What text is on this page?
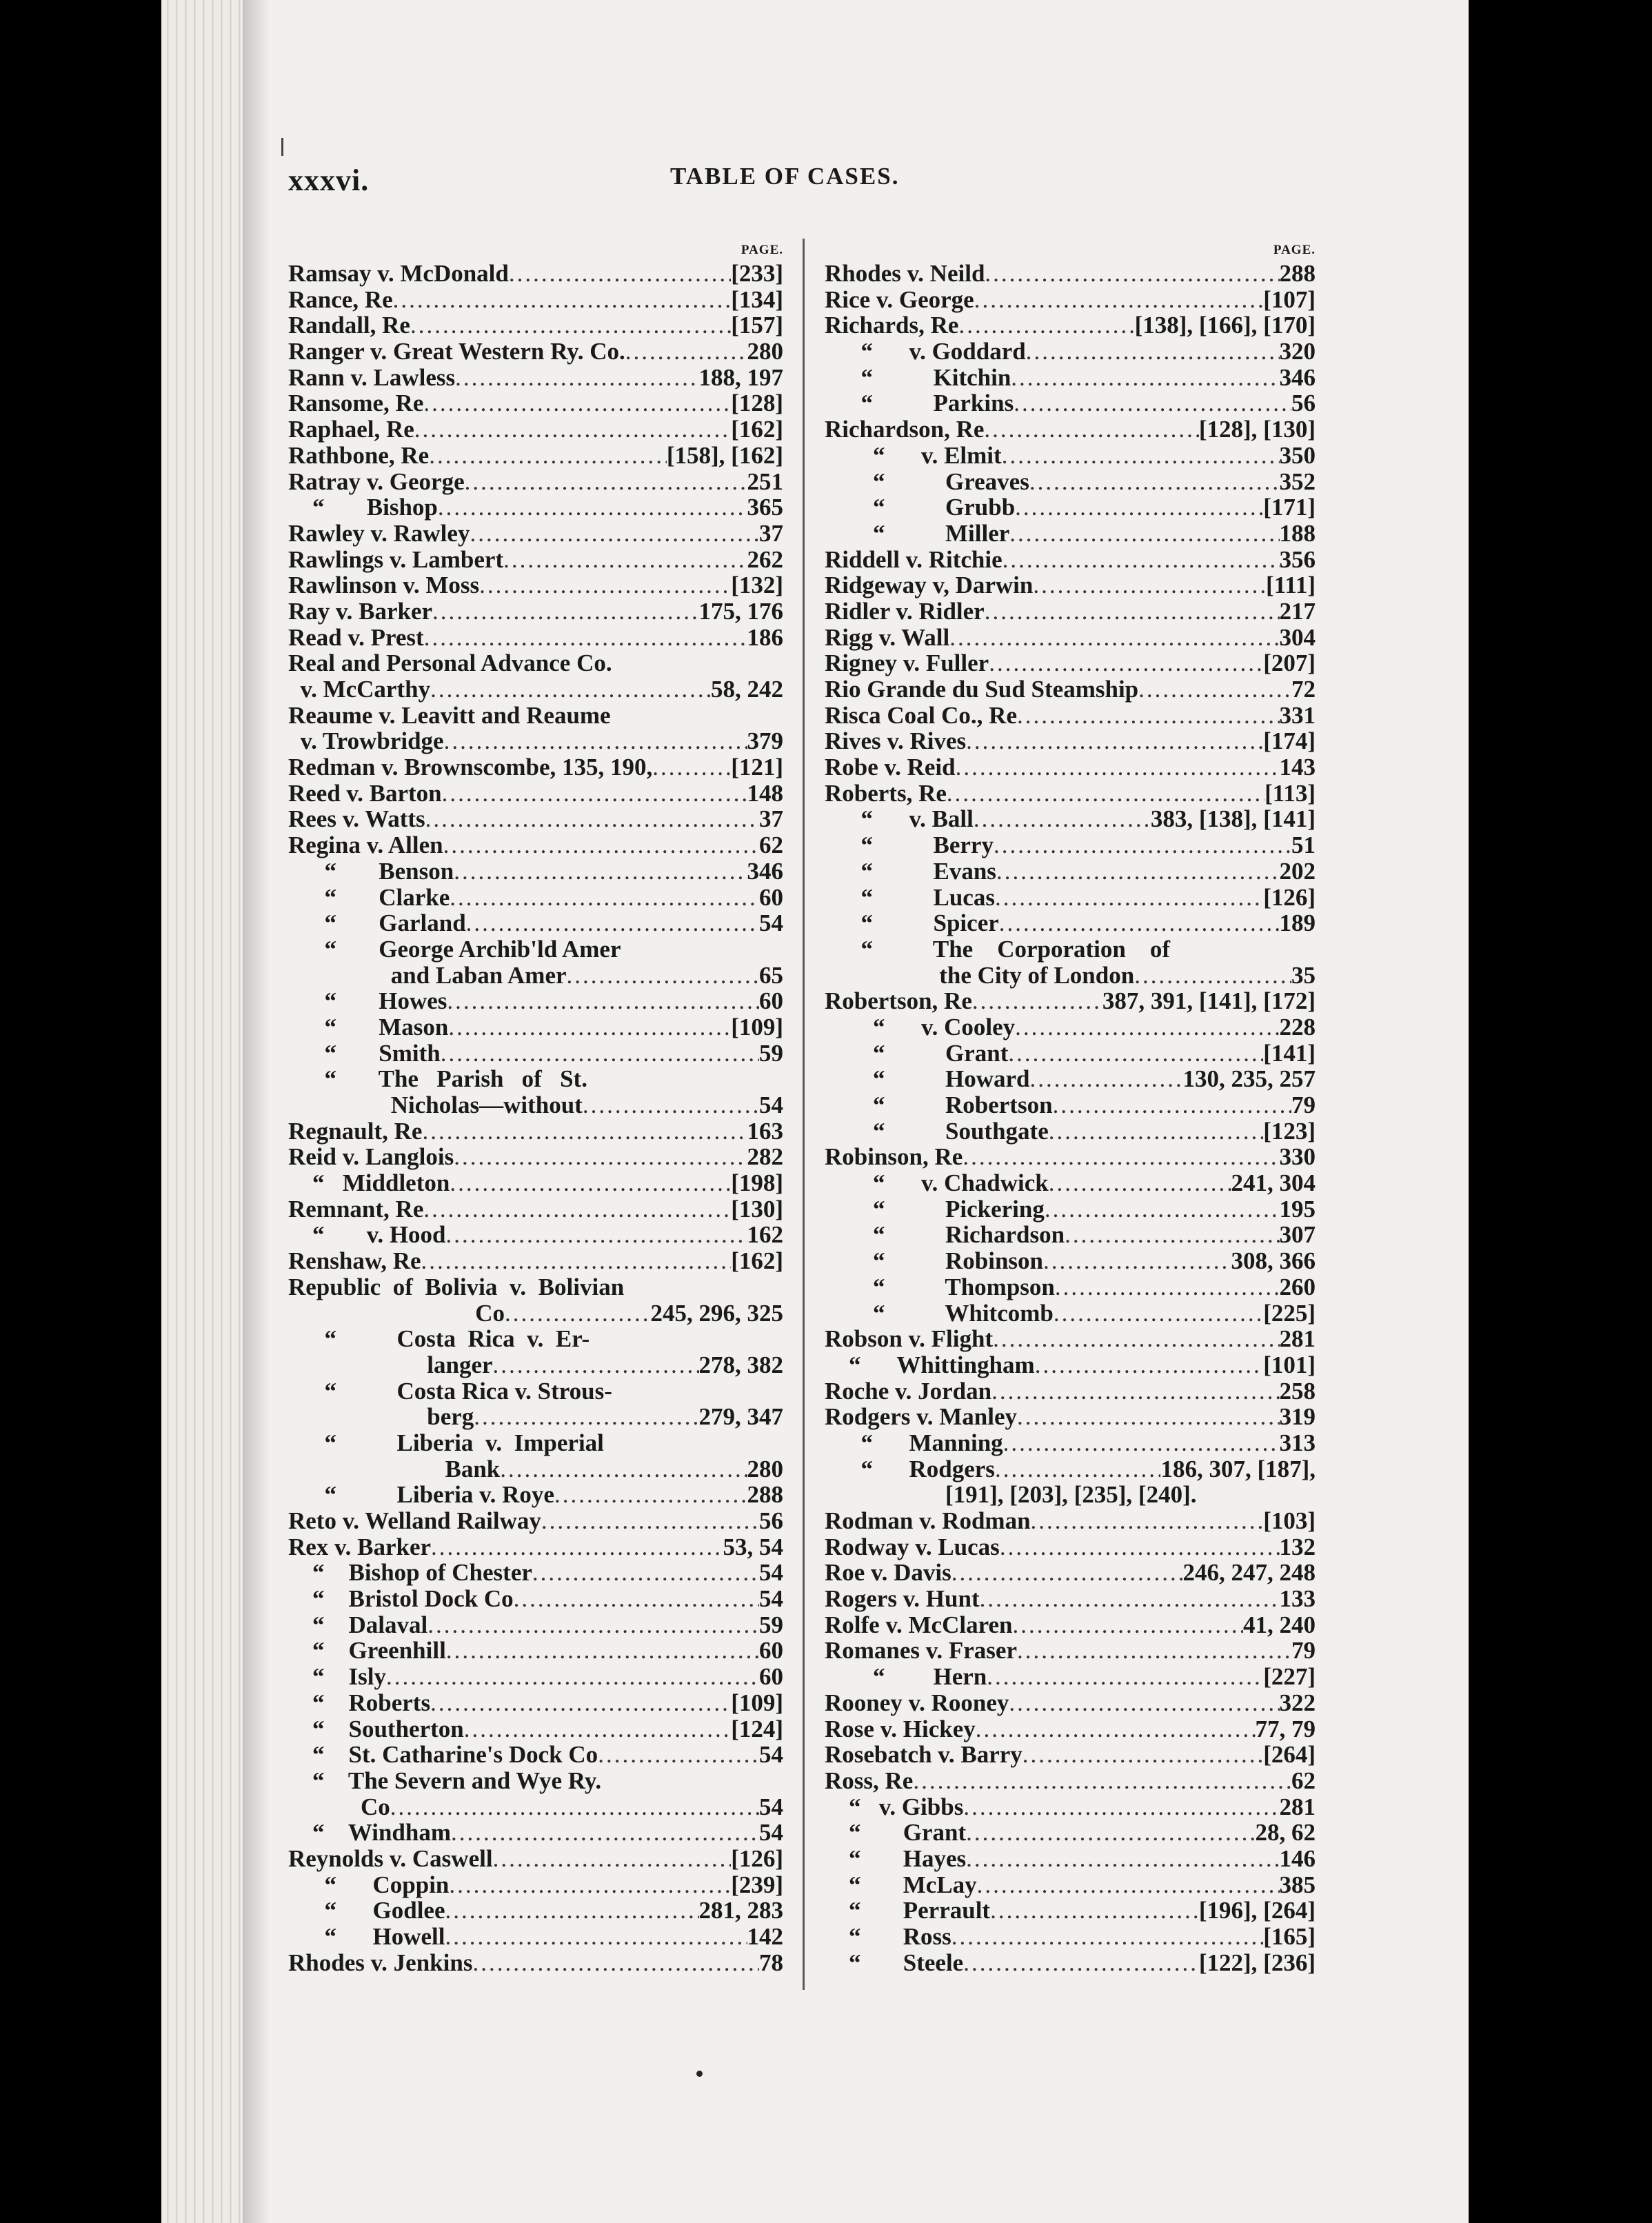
xxxvi.	TABLE OF CASES.
PAGE.
Ramsay v. McDonald .....	[233]
Rance, Re .....	[134]
Randall, Re .....	[157]
Ranger v. Great Western Ry. Co. .....	280
Rann v. Lawless .....	188, 197
Ransome, Re .....	[128]
Raphael, Re .....	[162]
Rathbone, Re .....	[158], [162]
Ratray v. George .....	251
“       Bishop .....	365
Rawley v. Rawley .....	37
Rawlings v. Lambert .....	262
Rawlinson v. Moss .....	[132]
Ray v. Barker .....	175, 176
Read v. Prest .....	186
Real and Personal Advance Co.
v. McCarthy .....	58, 242
Reaume v. Leavitt and Reaume
v. Trowbridge .....	379
Redman v. Brownscombe, 135, 190, .....	[121]
Reed v. Barton .....	148
Rees v. Watts .....	37
Regina v. Allen .....	62
“       Benson .....	346
“       Clarke .....	60
“       Garland .....	54
“       George Archib'ld Amer
and Laban Amer .....	65
“       Howes .....	60
“       Mason .....	[109]
“       Smith .....	59
“       The   Parish   of   St.
Nicholas—without .....	54
Regnault, Re .....	163
Reid v. Langlois .....	282
“   Middleton .....	[198]
Remnant, Re .....	[130]
“       v. Hood .....	162
Renshaw, Re .....	[162]
Republic  of  Bolivia  v.  Bolivian
Co .....	245, 296, 325
“          Costa  Rica  v.  Er-
langer .....	278, 382
“          Costa Rica v. Strous-
berg .....	279, 347
“          Liberia  v.  Imperial
Bank .....	280
“          Liberia v. Roye .....	288
Reto v. Welland Railway .....	56
Rex v. Barker .....	53, 54
“    Bishop of Chester .....	54
“    Bristol Dock Co .....	54
“    Dalaval .....	59
“    Greenhill .....	60
“    Isly .....	60
“    Roberts .....	[109]
“    Southerton .....	[124]
“    St. Catharine's Dock Co .....	54
“    The Severn and Wye Ry.
Co .....	54
“    Windham .....	54
Reynolds v. Caswell .....	[126]
“      Coppin .....	[239]
“      Godlee .....	281, 283
“      Howell .....	142
Rhodes v. Jenkins .....	78
PAGE.
Rhodes v. Neild .....	288
Rice v. George .....	[107]
Richards, Re .....	[138], [166], [170]
“      v. Goddard .....	320
“          Kitchin .....	346
“          Parkins .....	56
Richardson, Re .....	[128], [130]
“      v. Elmit .....	350
“          Greaves .....	352
“          Grubb .....	[171]
“          Miller .....	188
Riddell v. Ritchie .....	356
Ridgeway v, Darwin .....	[111]
Ridler v. Ridler .....	217
Rigg v. Wall .....	304
Rigney v. Fuller .....	[207]
Rio Grande du Sud Steamship .....	72
Risca Coal Co., Re .....	331
Rives v. Rives .....	[174]
Robe v. Reid .....	143
Roberts, Re .....	[113]
“      v. Ball .....	383, [138], [141]
“          Berry .....	51
“          Evans .....	202
“          Lucas .....	[126]
“          Spicer .....	189
“          The    Corporation    of
the City of London .....	35
Robertson, Re .....	387, 391, [141], [172]
“      v. Cooley .....	228
“          Grant .....	[141]
“          Howard .....	130, 235, 257
“          Robertson .....	79
“          Southgate .....	[123]
Robinson, Re .....	330
“      v. Chadwick .....	241, 304
“          Pickering .....	195
“          Richardson .....	307
“          Robinson .....	308, 366
“          Thompson .....	260
“          Whitcomb .....	[225]
Robson v. Flight .....	281
“      Whittingham .....	[101]
Roche v. Jordan .....	258
Rodgers v. Manley .....	319
“      Manning .....	313
“      Rodgers .....	186, 307, [187],
[191], [203], [235], [240].
Rodman v. Rodman .....	[103]
Rodway v. Lucas .....	132
Roe v. Davis .....	246, 247, 248
Rogers v. Hunt .....	133
Rolfe v. McClaren .....	41, 240
Romanes v. Fraser .....	79
“        Hern .....	[227]
Rooney v. Rooney .....	322
Rose v. Hickey .....	77, 79
Rosebatch v. Barry .....	[264]
Ross, Re .....	62
“   v. Gibbs .....	281
“       Grant .....	28, 62
“       Hayes .....	146
“       McLay .....	385
“       Perrault .....	[196], [264]
“       Ross .....	[165]
“       Steele .....	[122], [236]
